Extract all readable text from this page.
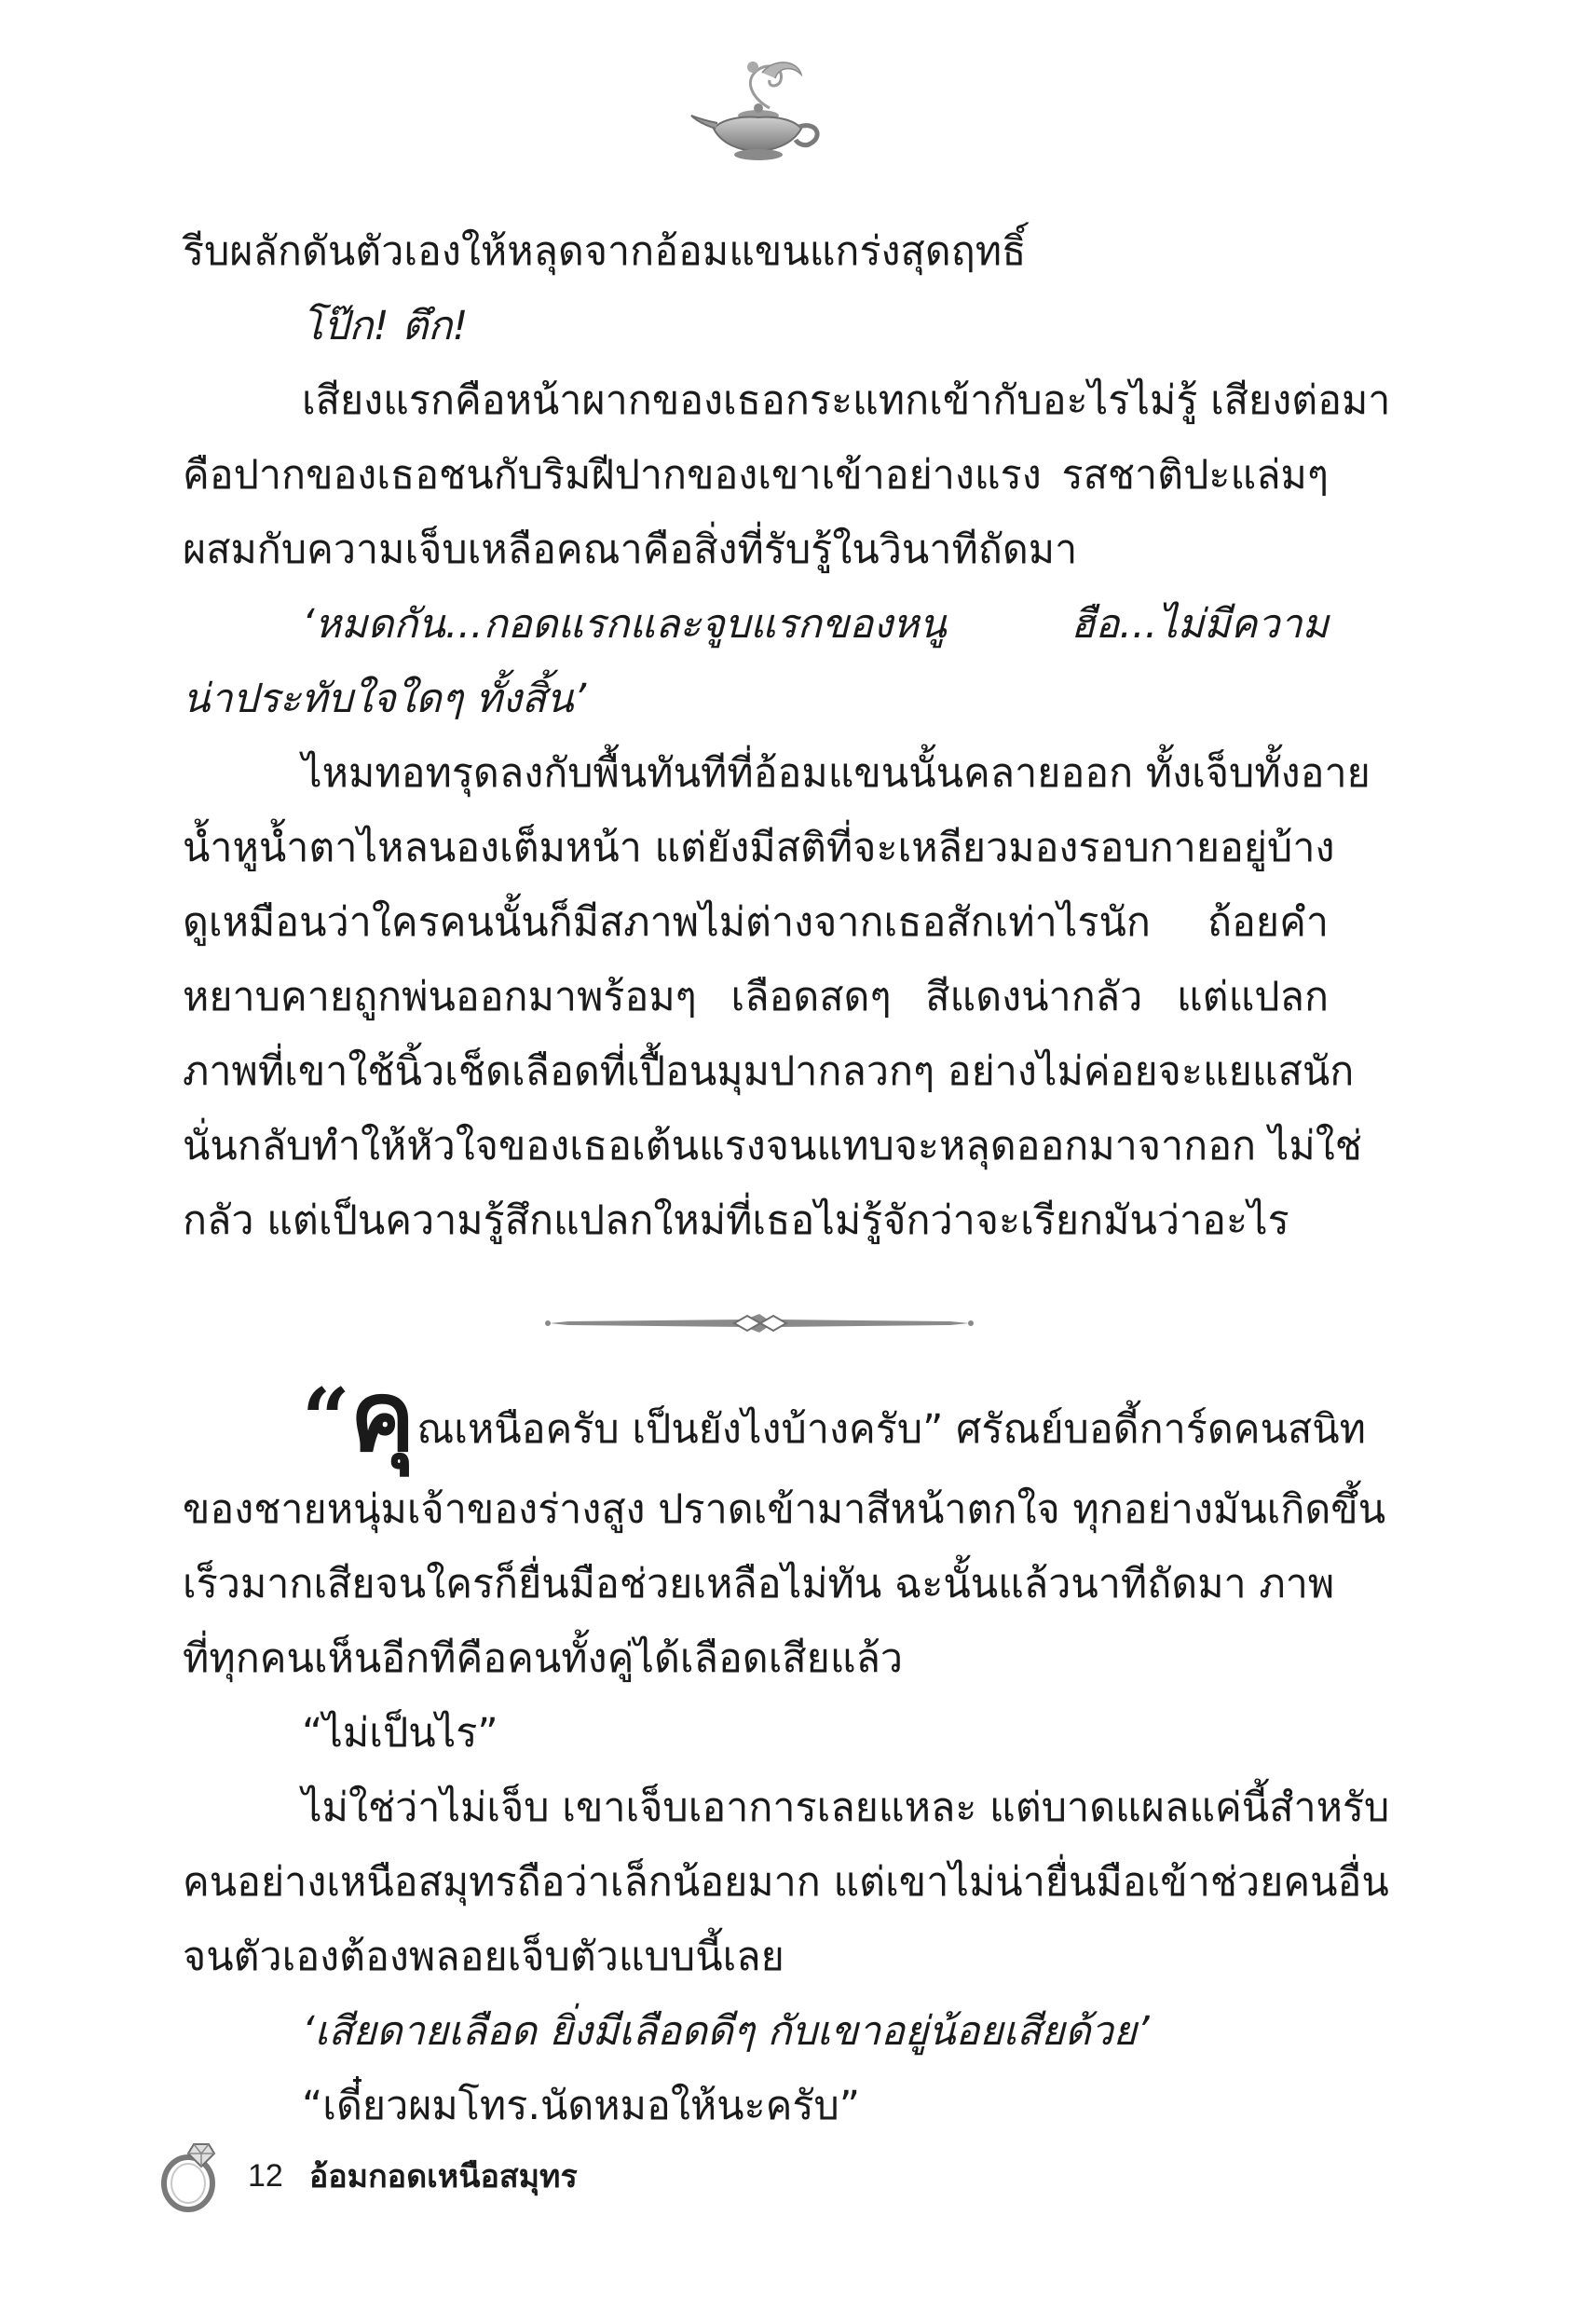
รีบผลักดันตัวเองให้หลุดจากอ้อมแขนแกร่งสุดฤทธิ์
โป๊ก! ตึก!
เสียงแรกคือหน้าผากของเธอกระแทกเข้ากับอะไรไม่รู้ เสียงต่อมา
คือปากของเธอชนกับริมฝีปากของเขาเข้าอย่างแรง รสชาติปะแล่มๆ
ผสมกับความเจ็บเหลือคณาคือสิ่งที่รับรู้ในวินาทีถัดมา
‘หมดกัน...กอดแรกและจูบแรกของหนู ฮือ...ไม่มีความ
น่าประทับใจใดๆ ทั้งสิ้น’
ไหมทอทรุดลงกับพื้นทันทีที่อ้อมแขนนั้นคลายออก ทั้งเจ็บทั้งอาย
น้ำหูน้ำตาไหลนองเต็มหน้า แต่ยังมีสติที่จะเหลียวมองรอบกายอยู่บ้าง
ดูเหมือนว่าใครคนนั้นก็มีสภาพไม่ต่างจากเธอสักเท่าไรนัก ถ้อยคำ
หยาบคายถูกพ่นออกมาพร้อมๆ เลือดสดๆ สีแดงน่ากลัว แต่แปลก
ภาพที่เขาใช้นิ้วเช็ดเลือดที่เปื้อนมุมปากลวกๆ อย่างไม่ค่อยจะแยแสนัก
นั่นกลับทำให้หัวใจของเธอเต้นแรงจนแทบจะหลุดออกมาจากอก ไม่ใช่
กลัว แต่เป็นความรู้สึกแปลกใหม่ที่เธอไม่รู้จักว่าจะเรียกมันว่าอะไร
“คุณเหนือครับ เป็นยังไงบ้างครับ” ศรัณย์บอดี้การ์ดคนสนิท
ของชายหนุ่มเจ้าของร่างสูง ปราดเข้ามาสีหน้าตกใจ ทุกอย่างมันเกิดขึ้น
เร็วมากเสียจนใครก็ยื่นมือช่วยเหลือไม่ทัน ฉะนั้นแล้วนาทีถัดมา ภาพ
ที่ทุกคนเห็นอีกทีคือคนทั้งคู่ได้เลือดเสียแล้ว
“ไม่เป็นไร”
ไม่ใช่ว่าไม่เจ็บ เขาเจ็บเอาการเลยแหละ แต่บาดแผลแค่นี้สำหรับ
คนอย่างเหนือสมุทรถือว่าเล็กน้อยมาก แต่เขาไม่น่ายื่นมือเข้าช่วยคนอื่น
จนตัวเองต้องพลอยเจ็บตัวแบบนี้เลย
‘เสียดายเลือด ยิ่งมีเลือดดีๆ กับเขาอยู่น้อยเสียด้วย’
“เดี๋ยวผมโทร.นัดหมอให้นะครับ”
12 อ้อมกอดเหนือสมุทร
